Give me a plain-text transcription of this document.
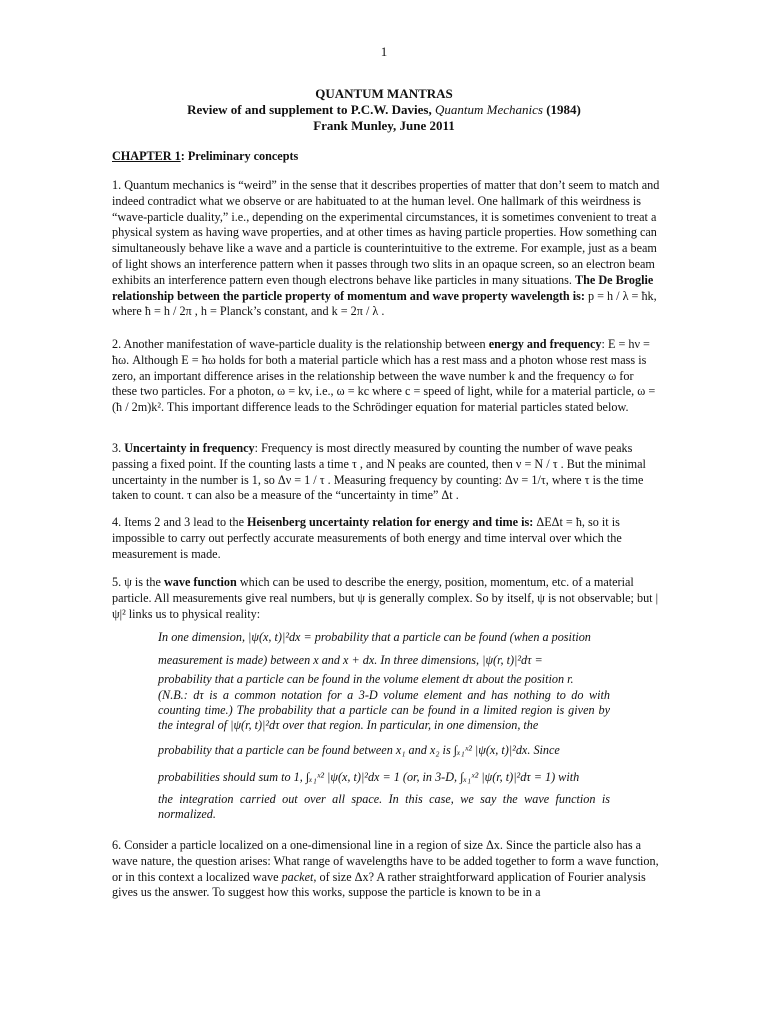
1
QUANTUM MANTRAS
Review of and supplement to P.C.W. Davies, Quantum Mechanics (1984)
Frank Munley, June 2011
CHAPTER 1: Preliminary concepts

1. Quantum mechanics is “weird” in the sense that it describes properties of matter that don’t seem to match and indeed contradict what we observe or are habituated to at the human level. One hallmark of this weirdness is “wave-particle duality,” i.e., depending on the experimental circumstances, it is sometimes convenient to treat a physical system as having wave properties, and at other times as having particle properties. How something can simultaneously behave like a wave and a particle is counterintuitive to the extreme. For example, just as a beam of light shows an interference pattern when it passes through two slits in an opaque screen, so an electron beam exhibits an interference pattern even though electrons behave like particles in many situations. The De Broglie relationship between the particle property of momentum and wave property wavelength is: p = h / λ = ħk, where ħ = h / 2π , h = Planck’s constant, and k = 2π / λ .

2. Another manifestation of wave-particle duality is the relationship between energy and frequency: E = hν = ħω. Although E = ħω holds for both a material particle which has a rest mass and a photon whose rest mass is zero, an important difference arises in the relationship between the wave number k and the frequency ω for these two particles. For a photon, ω = kv, i.e., ω = kc where c = speed of light, while for a material particle, ω = (ħ / 2m)k². This important difference leads to the Schrödinger equation for material particles stated below.

3. Uncertainty in frequency: Frequency is most directly measured by counting the number of wave peaks passing a fixed point. If the counting lasts a time τ , and N peaks are counted, then ν = N / τ . But the minimal uncertainty in the number is 1, so Δν = 1 / τ . Measuring frequency by counting: Δν = 1/τ, where τ is the time taken to count. τ can also be a measure of the “uncertainty in time” Δt .

4. Items 2 and 3 lead to the Heisenberg uncertainty relation for energy and time is: ΔEΔt = ħ, so it is impossible to carry out perfectly accurate measurements of both energy and time interval over which the measurement is made.

5. ψ is the wave function which can be used to describe the energy, position, momentum, etc. of a material particle. All measurements give real numbers, but ψ is generally complex. So by itself, ψ is not observable; but |ψ|² links us to physical reality:

In one dimension, |ψ(x, t)|²dx = probability that a particle can be found (when a position

measurement is made) between x and x + dx. In three dimensions, |ψ(r, t)|²dτ =

probability that a particle can be found in the volume element dτ about the position r.

(N.B.: dτ is a common notation for a 3-D volume element and has nothing to do with counting time.) The probability that a particle can be found in a limited region is given by the integral of |ψ(r, t)|²dτ over that region. In particular, in one dimension, the

probability that a particle can be found between x₁ and x₂ is ∫ₓ₁ˣ² |ψ(x, t)|²dx. Since

probabilities should sum to 1, ∫ₓ₁ˣ² |ψ(x, t)|²dx = 1 (or, in 3-D, ∫ₓ₁ˣ² |ψ(r, t)|²dτ = 1) with

the integration carried out over all space. In this case, we say the wave function is normalized.

6. Consider a particle localized on a one-dimensional line in a region of size Δx. Since the particle also has a wave nature, the question arises: What range of wavelengths have to be added together to form a wave function, or in this context a localized wave packet, of size Δx? A rather straightforward application of Fourier analysis gives us the answer. To suggest how this works, suppose the particle is known to be in a
